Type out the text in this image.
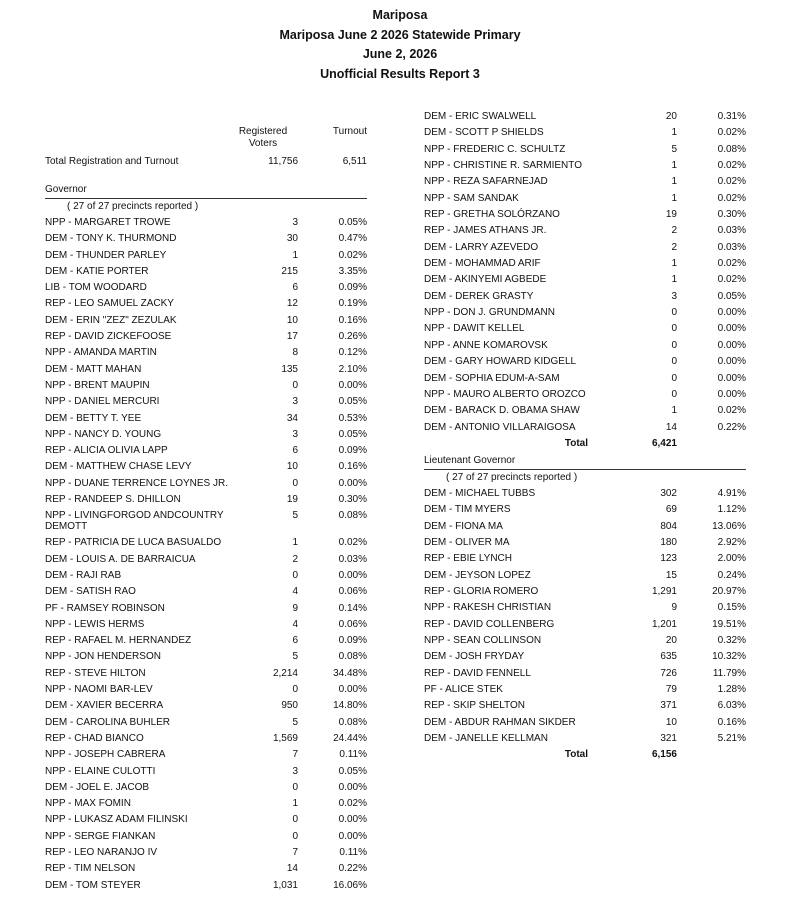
Mariposa
Mariposa June 2 2026 Statewide Primary
June 2, 2026
Unofficial Results Report 3
Registered Voters
Turnout
Total Registration and Turnout	11,756	6,511
Governor
( 27 of 27 precincts reported )
NPP - MARGARET TROWE	3	0.05%
DEM - TONY K. THURMOND	30	0.47%
DEM - THUNDER PARLEY	1	0.02%
DEM - KATIE PORTER	215	3.35%
LIB - TOM WOODARD	6	0.09%
REP - LEO SAMUEL ZACKY	12	0.19%
DEM - ERIN "ZEZ" ZEZULAK	10	0.16%
REP - DAVID ZICKEFOOSE	17	0.26%
NPP - AMANDA MARTIN	8	0.12%
DEM - MATT MAHAN	135	2.10%
NPP - BRENT MAUPIN	0	0.00%
NPP - DANIEL MERCURI	3	0.05%
DEM - BETTY T. YEE	34	0.53%
NPP - NANCY D. YOUNG	3	0.05%
REP - ALICIA OLIVIA LAPP	6	0.09%
DEM - MATTHEW CHASE LEVY	10	0.16%
NPP - DUANE TERRENCE LOYNES JR.	0	0.00%
REP - RANDEEP S. DHILLON	19	0.30%
NPP - LIVINGFORGOD ANDCOUNTRY DEMOTT
5	0.08%
REP - PATRICIA DE LUCA BASUALDO	1	0.02%
DEM - LOUIS A. DE BARRAICUA	2	0.03%
DEM - RAJI RAB	0	0.00%
DEM - SATISH RAO	4	0.06%
PF - RAMSEY ROBINSON	9	0.14%
NPP - LEWIS HERMS	4	0.06%
REP - RAFAEL M. HERNANDEZ	6	0.09%
NPP - JON HENDERSON	5	0.08%
REP - STEVE HILTON	2,214	34.48%
NPP - NAOMI BAR-LEV	0	0.00%
DEM - XAVIER BECERRA	950	14.80%
DEM - CAROLINA BUHLER	5	0.08%
REP - CHAD BIANCO	1,569	24.44%
NPP - JOSEPH CABRERA	7	0.11%
NPP - ELAINE CULOTTI	3	0.05%
DEM - JOEL E. JACOB	0	0.00%
NPP - MAX FOMIN	1	0.02%
NPP - LUKASZ ADAM FILINSKI	0	0.00%
NPP - SERGE FIANKAN	0	0.00%
REP - LEO NARANJO IV	7	0.11%
REP - TIM NELSON	14	0.22%
DEM - TOM STEYER	1,031	16.06%
DEM - ERIC SWALWELL	20	0.31%
DEM - SCOTT P SHIELDS	1	0.02%
NPP - FREDERIC C. SCHULTZ	5	0.08%
NPP - CHRISTINE R. SARMIENTO	1	0.02%
NPP - REZA SAFARNEJAD	1	0.02%
NPP - SAM SANDAK	1	0.02%
REP - GRETHA SOLÓRZANO	19	0.30%
REP - JAMES ATHANS JR.	2	0.03%
DEM - LARRY AZEVEDO	2	0.03%
DEM - MOHAMMAD ARIF	1	0.02%
DEM - AKINYEMI AGBEDE	1	0.02%
DEM - DEREK GRASTY	3	0.05%
NPP - DON J. GRUNDMANN	0	0.00%
NPP - DAWIT KELLEL	0	0.00%
NPP - ANNE KOMAROVSK	0	0.00%
DEM - GARY HOWARD KIDGELL	0	0.00%
DEM - SOPHIA EDUM-A-SAM	0	0.00%
NPP - MAURO ALBERTO OROZCO	0	0.00%
DEM - BARACK D. OBAMA SHAW	1	0.02%
DEM - ANTONIO VILLARAIGOSA	14	0.22%
Total	6,421
Lieutenant Governor
( 27 of 27 precincts reported )
DEM - MICHAEL TUBBS	302	4.91%
DEM - TIM MYERS	69	1.12%
DEM - FIONA MA	804	13.06%
DEM - OLIVER MA	180	2.92%
REP - EBIE LYNCH	123	2.00%
DEM - JEYSON LOPEZ	15	0.24%
REP - GLORIA ROMERO	1,291	20.97%
NPP - RAKESH CHRISTIAN	9	0.15%
REP - DAVID COLLENBERG	1,201	19.51%
NPP - SEAN COLLINSON	20	0.32%
DEM - JOSH FRYDAY	635	10.32%
REP - DAVID FENNELL	726	11.79%
PF - ALICE STEK	79	1.28%
REP - SKIP SHELTON	371	6.03%
DEM - ABDUR RAHMAN SIKDER	10	0.16%
DEM - JANELLE KELLMAN	321	5.21%
Total	6,156
